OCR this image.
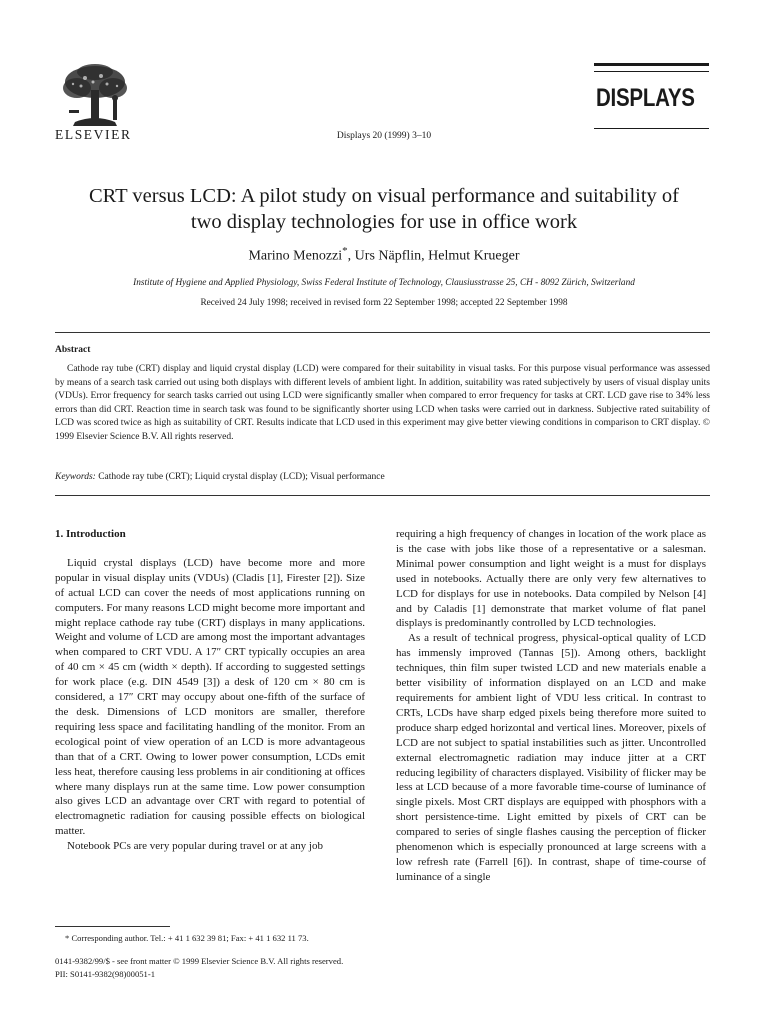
ELSEVIER	Displays 20 (1999) 3–10
DISPLAYS
CRT versus LCD: A pilot study on visual performance and suitability of
two display technologies for use in office work
Marino Menozzi*, Urs Näpflin, Helmut Krueger
Institute of Hygiene and Applied Physiology, Swiss Federal Institute of Technology, Clausiusstrasse 25, CH - 8092 Zürich, Switzerland
Received 24 July 1998; received in revised form 22 September 1998; accepted 22 September 1998
Abstract
Cathode ray tube (CRT) display and liquid crystal display (LCD) were compared for their suitability in visual tasks. For this purpose visual performance was assessed by means of a search task carried out using both displays with different levels of ambient light. In addition, suitability was rated subjectively by users of visual display units (VDUs). Error frequency for search tasks carried out using LCD were significantly smaller when compared to error frequency for tasks at CRT. LCD gave rise to 34% less errors than did CRT. Reaction time in search task was found to be significantly shorter using LCD when tasks were carried out in darkness. Subjective rated suitability of LCD was scored twice as high as suitability of CRT. Results indicate that LCD used in this experiment may give better viewing conditions in comparison to CRT display. © 1999 Elsevier Science B.V. All rights reserved.
Keywords: Cathode ray tube (CRT); Liquid crystal display (LCD); Visual performance

1. Introduction

Liquid crystal displays (LCD) have become more and more popular in visual display units (VDUs) (Cladis [1], Firester [2]). Size of actual LCD can cover the needs of most applications running on computers. For many reasons LCD might become more important and might replace cathode ray tube (CRT) displays in many applications. Weight and volume of LCD are among most the important advantages when compared to CRT VDU. A 17″ CRT typically occupies an area of 40 cm × 45 cm (width × depth). If according to suggested settings for work place (e.g. DIN 4549 [3]) a desk of 120 cm × 80 cm is considered, a 17″ CRT may occupy about one-fifth of the surface of the desk. Dimensions of LCD monitors are smaller, therefore requiring less space and facilitating handling of the monitor. From an ecological point of view operation of an LCD is more advantageous than that of a CRT. Owing to lower power consumption, LCDs emit less heat, therefore causing less problems in air conditioning at offices where many displays run at the same time. Low power consumption also gives LCD an advantage over CRT with regard to potential of electromagnetic radiation for causing possible effects on biological matter.

Notebook PCs are very popular during travel or at any job

requiring a high frequency of changes in location of the work place as is the case with jobs like those of a representative or a salesman. Minimal power consumption and light weight is a must for displays used in notebooks. Actually there are only very few alternatives to LCD for displays for use in notebooks. Data compiled by Nelson [4] and by Caladis [1] demonstrate that market volume of flat panel displays is predominantly controlled by LCD technologies.

As a result of technical progress, physical-optical quality of LCD has immensly improved (Tannas [5]). Among others, backlight techniques, thin film super twisted LCD and new materials enable a better visibility of information displayed on an LCD and make requirements for ambient light of VDU less critical. In contrast to CRTs, LCDs have sharp edged pixels being therefore more suited to produce sharp edged horizontal and vertical lines. Moreover, pixels of LCD are not subject to spatial instabilities such as jitter. Uncontrolled external electromagnetic radiation may induce jitter at a CRT reducing legibility of characters displayed. Visibility of flicker may be less at LCD because of a more favorable time-course of luminance of single pixels. Most CRT displays are equipped with phosphors with a short persistence-time. Light emitted by pixels of CRT can be compared to series of single flashes causing the perception of flicker phenomenon which is especially pronounced at large screens with a low refresh rate (Farrell [6]). In contrast, shape of time-course of luminance of a single

* Corresponding author. Tel.: + 41 1 632 39 81; Fax: + 41 1 632 11 73.
0141-9382/99/$ - see front matter © 1999 Elsevier Science B.V. All rights reserved.
PII: S0141-9382(98)00051-1
